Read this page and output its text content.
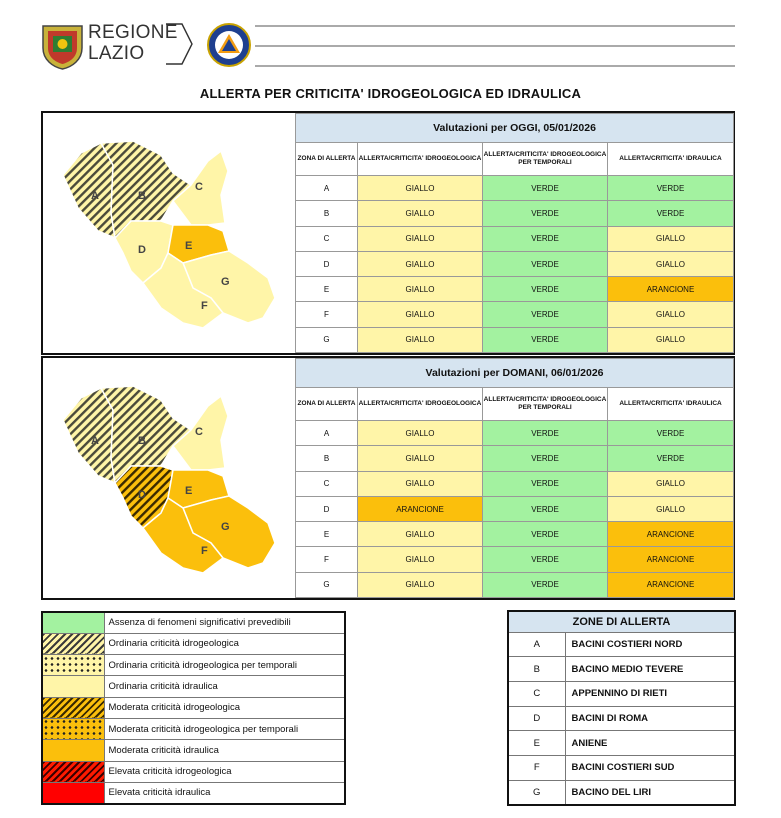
REGIONE
LAZIO
ALLERTA PER CRITICITA' IDROGEOLOGICA ED IDRAULICA
A	B
C
D	E
G
F
Valutazioni per OGGI, 05/01/2026			
ZONA DI ALLERTA	ALLERTA/CRITICITA' IDROGEOLOGICA	ALLERTA/CRITICITA' IDROGEOLOGICA PER TEMPORALI	ALLERTA/CRITICITA' IDRAULICA
A	GIALLO	VERDE	VERDE
B	GIALLO	VERDE	VERDE
C	GIALLO	VERDE	GIALLO
D	GIALLO	VERDE	GIALLO
E	GIALLO	VERDE	ARANCIONE
F	GIALLO	VERDE	GIALLO
G	GIALLO	VERDE	GIALLO
A	B
C
D	E
G
F
Valutazioni per DOMANI, 06/01/2026			
ZONA DI ALLERTA	ALLERTA/CRITICITA' IDROGEOLOGICA	ALLERTA/CRITICITA' IDROGEOLOGICA PER TEMPORALI	ALLERTA/CRITICITA' IDRAULICA
A	GIALLO	VERDE	VERDE
B	GIALLO	VERDE	VERDE
C	GIALLO	VERDE	GIALLO
D	ARANCIONE	VERDE	GIALLO
E	GIALLO	VERDE	ARANCIONE
F	GIALLO	VERDE	ARANCIONE
G	GIALLO	VERDE	ARANCIONE
	Assenza di fenomeni significativi prevedibili
	Ordinaria criticità idrogeologica
	Ordinaria criticità idrogeologica per temporali
	Ordinaria criticità idraulica
	Moderata criticità idrogeologica
	Moderata criticità idrogeologica per temporali
	Moderata criticità idraulica
	Elevata criticità idrogeologica
	Elevata criticità idraulica
ZONE DI ALLERTA	
A	BACINI COSTIERI NORD
B	BACINO MEDIO TEVERE
C	APPENNINO DI RIETI
D	BACINI DI ROMA
E	ANIENE
F	BACINI COSTIERI SUD
G	BACINO DEL LIRI
